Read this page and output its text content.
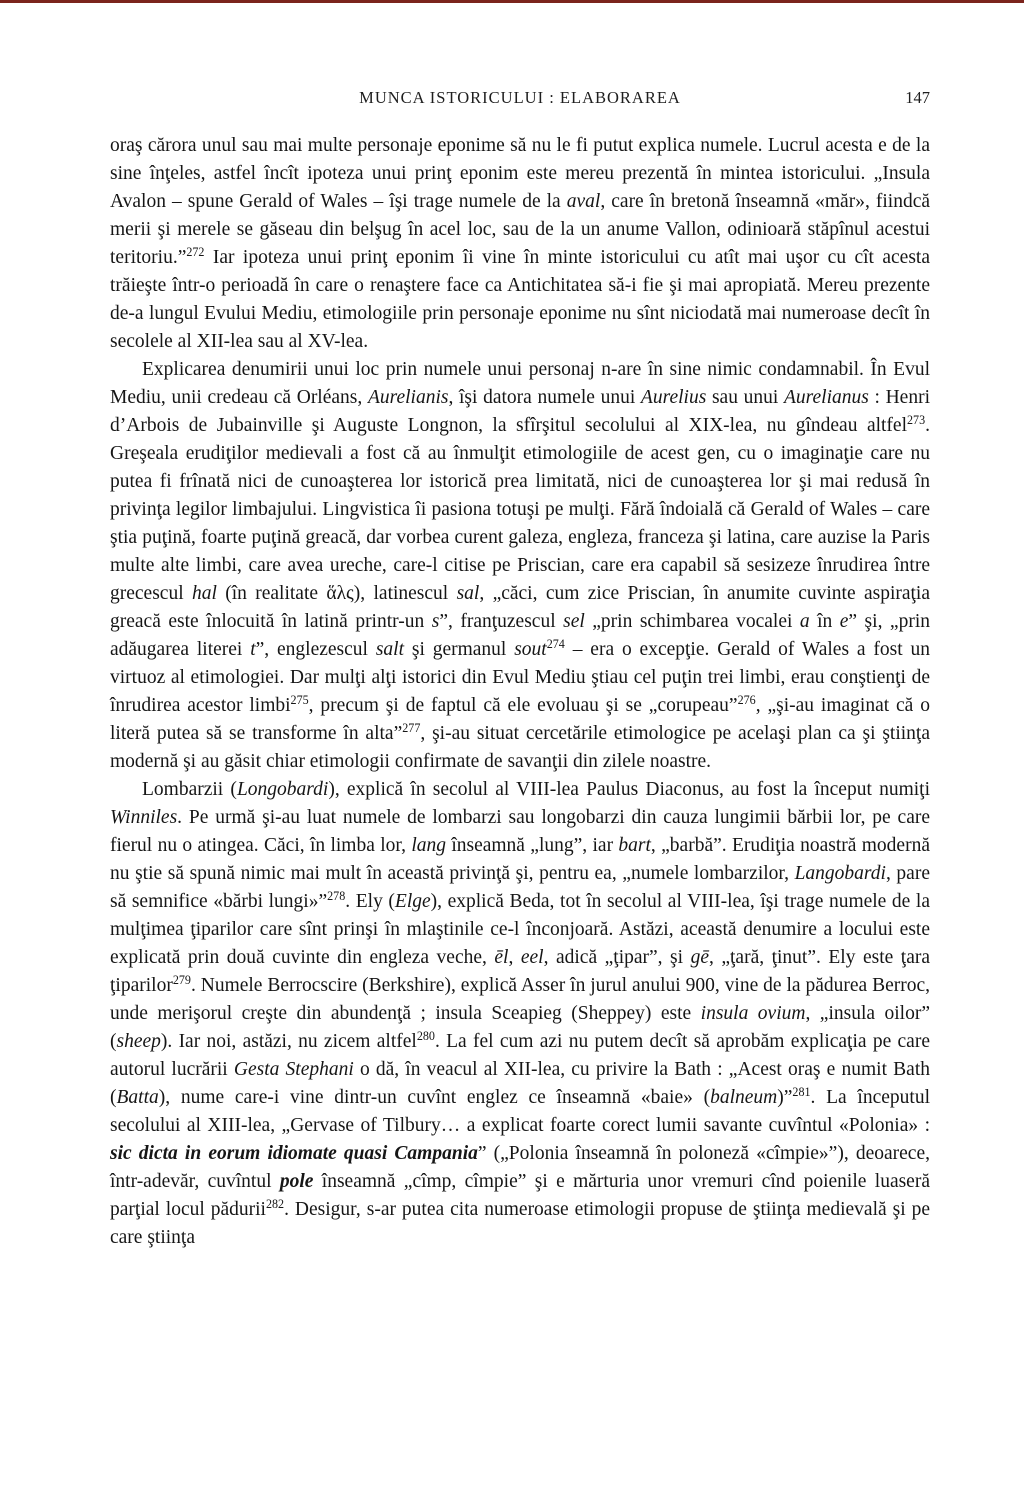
MUNCA ISTORICULUI : ELABORAREA	147

oraş cărora unul sau mai multe personaje eponime să nu le fi putut explica numele. Lucrul acesta e de la sine înţeles, astfel încît ipoteza unui prinţ eponim este mereu prezentă în mintea istoricului. „Insula Avalon – spune Gerald of Wales – îşi trage numele de la aval, care în bretonă înseamnă «măr», fiindcă merii şi merele se găseau din belşug în acel loc, sau de la un anume Vallon, odinioară stăpînul acestui teritoriu.”$^{272}$ Iar ipoteza unui prinţ eponim îi vine în minte istoricului cu atît mai uşor cu cît acesta trăieşte într-o perioadă în care o renaştere face ca Antichitatea să-i fie şi mai apropiată. Mereu prezente de-a lungul Evului Mediu, etimologiile prin personaje eponime nu sînt niciodată mai numeroase decît în secolele al XII-lea sau al XV-lea.

Explicarea denumirii unui loc prin numele unui personaj n-are în sine nimic condamnabil. În Evul Mediu, unii credeau că Orléans, Aurelianis, îşi datora numele unui Aurelius sau unui Aurelianus : Henri d’Arbois de Jubainville şi Auguste Longnon, la sfîrşitul secolului al XIX-lea, nu gîndeau altfel$^{273}$. Greşeala erudiţilor medievali a fost că au înmulţit etimologiile de acest gen, cu o imaginaţie care nu putea fi frînată nici de cunoaşterea lor istorică prea limitată, nici de cunoaşterea lor şi mai redusă în privinţa legilor limbajului. Lingvistica îi pasiona totuşi pe mulţi. Fără îndoială că Gerald of Wales – care ştia puţină, foarte puţină greacă, dar vorbea curent galeza, engleza, franceza şi latina, care auzise la Paris multe alte limbi, care avea ureche, care-l citise pe Priscian, care era capabil să sesizeze înrudirea între grecescul hal (în realitate ἅλς), latinescul sal, „căci, cum zice Priscian, în anumite cuvinte aspiraţia greacă este înlocuită în latină printr-un s”, franţuzescul sel „prin schimbarea vocalei a în e” şi, „prin adăugarea literei t”, englezescul salt şi germanul sout$^{274}$ – era o excepţie. Gerald of Wales a fost un virtuoz al etimologiei. Dar mulţi alţi istorici din Evul Mediu ştiau cel puţin trei limbi, erau conştienţi de înrudirea acestor limbi$^{275}$, precum şi de faptul că ele evoluau şi se „corupeau”$^{276}$, „şi-au imaginat că o literă putea să se transforme în alta”$^{277}$, şi-au situat cercetările etimologice pe acelaşi plan ca şi ştiinţa modernă şi au găsit chiar etimologii confirmate de savanţii din zilele noastre.

Lombarzii (Longobardi), explică în secolul al VIII-lea Paulus Diaconus, au fost la început numiţi Winniles. Pe urmă şi-au luat numele de lombarzi sau longobarzi din cauza lungimii bărbii lor, pe care fierul nu o atingea. Căci, în limba lor, lang înseamnă „lung”, iar bart, „barbă”. Erudiţia noastră modernă nu ştie să spună nimic mai mult în această privinţă şi, pentru ea, „numele lombarzilor, Langobardi, pare să semnifice «bărbi lungi»”$^{278}$. Ely (Elge), explică Beda, tot în secolul al VIII-lea, îşi trage numele de la mulţimea ţiparilor care sînt prinşi în mlaştinile ce-l înconjoară. Astăzi, această denumire a locului este explicată prin două cuvinte din engleza veche, ēl, eel, adică „ţipar”, şi gē, „ţară, ţinut”. Ely este ţara ţiparilor$^{279}$. Numele Berrocscire (Berkshire), explică Asser în jurul anului 900, vine de la pădurea Berroc, unde merişorul creşte din abundenţă ; insula Sceapieg (Sheppey) este insula ovium, „insula oilor” (sheep). Iar noi, astăzi, nu zicem altfel$^{280}$. La fel cum azi nu putem decît să aprobăm explicaţia pe care autorul lucrării Gesta Stephani o dă, în veacul al XII-lea, cu privire la Bath : „Acest oraş e numit Bath (Batta), nume care-i vine dintr-un cuvînt englez ce înseamnă «baie» (balneum)”$^{281}$. La începutul secolului al XIII-lea, „Gervase of Tilbury… a explicat foarte corect lumii savante cuvîntul «Polonia» : sic dicta in eorum idiomate quasi Campania” („Polonia înseamnă în poloneză «cîmpie»”), deoarece, într-adevăr, cuvîntul pole înseamnă „cîmp, cîmpie” şi e mărturia unor vremuri cînd poienile luaseră parţial locul pădurii$^{282}$. Desigur, s-ar putea cita numeroase etimologii propuse de ştiinţa medievală şi pe care ştiinţa
